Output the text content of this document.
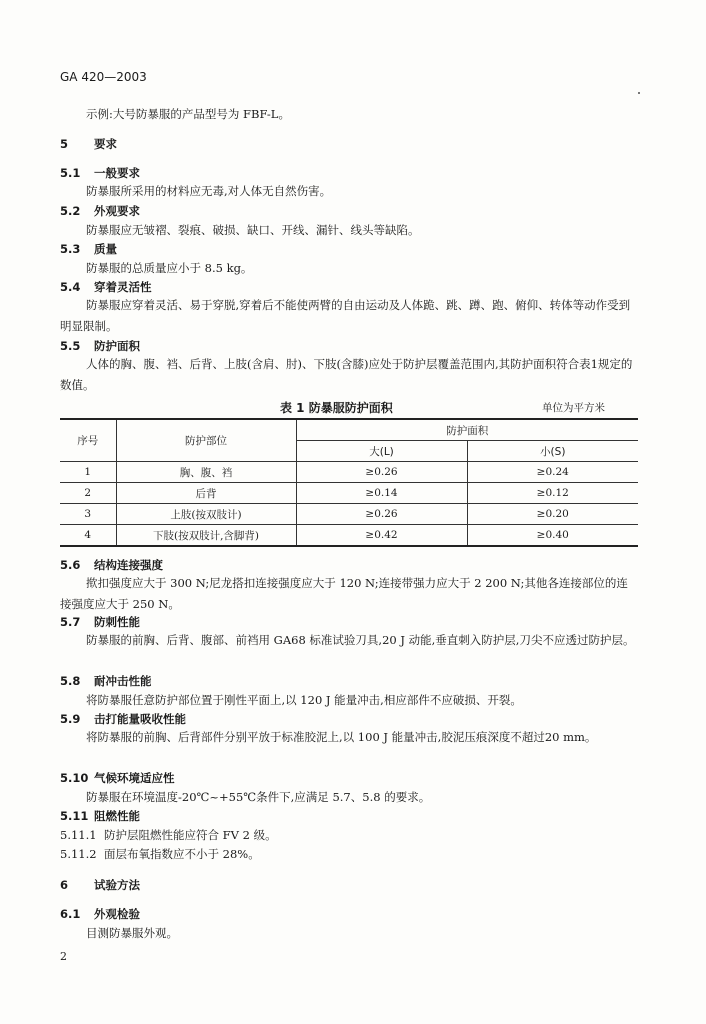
GA 420—2003
示例:大号防暴服的产品型号为 FBF-L。
5 要求
5.1 一般要求
防暴服所采用的材料应无毒,对人体无自然伤害。
5.2 外观要求
防暴服应无皱褶、裂痕、破损、缺口、开线、漏针、线头等缺陷。
5.3 质量
防暴服的总质量应小于 8.5 kg。
5.4 穿着灵活性
防暴服应穿着灵活、易于穿脱,穿着后不能使两臂的自由运动及人体跪、跳、蹲、跑、俯仰、转体等动作受到明显限制。
5.5 防护面积
人体的胸、腹、裆、后背、上肢(含肩、肘)、下肢(含膝)应处于防护层覆盖范围内,其防护面积符合表1规定的数值。
表 1 防暴服防护面积	单位为平方米
序号	防护部位	防护面积	
		大(L)	小(S)
1	胸、腹、裆	≥0.26	≥0.24
2	后背	≥0.14	≥0.12
3	上肢(按双肢计)	≥0.26	≥0.20
4	下肢(按双肢计,含脚背)	≥0.42	≥0.40
5.6 结构连接强度
揿扣强度应大于 300 N;尼龙搭扣连接强度应大于 120 N;连接带强力应大于 2 200 N;其他各连接部位的连接强度应大于 250 N。
5.7 防刺性能
防暴服的前胸、后背、腹部、前裆用 GA68 标准试验刀具,20 J 动能,垂直刺入防护层,刀尖不应透过防护层。
5.8 耐冲击性能
将防暴服任意防护部位置于刚性平面上,以 120 J 能量冲击,相应部件不应破损、开裂。
5.9 击打能量吸收性能
将防暴服的前胸、后背部件分别平放于标准胶泥上,以 100 J 能量冲击,胶泥压痕深度不超过20 mm。
5.10 气候环境适应性
防暴服在环境温度-20℃~+55℃条件下,应满足 5.7、5.8 的要求。
5.11 阻燃性能
5.11.1 防护层阻燃性能应符合 FV 2 级。
5.11.2 面层布氧指数应不小于 28%。
6 试验方法
6.1 外观检验
目测防暴服外观。
2
